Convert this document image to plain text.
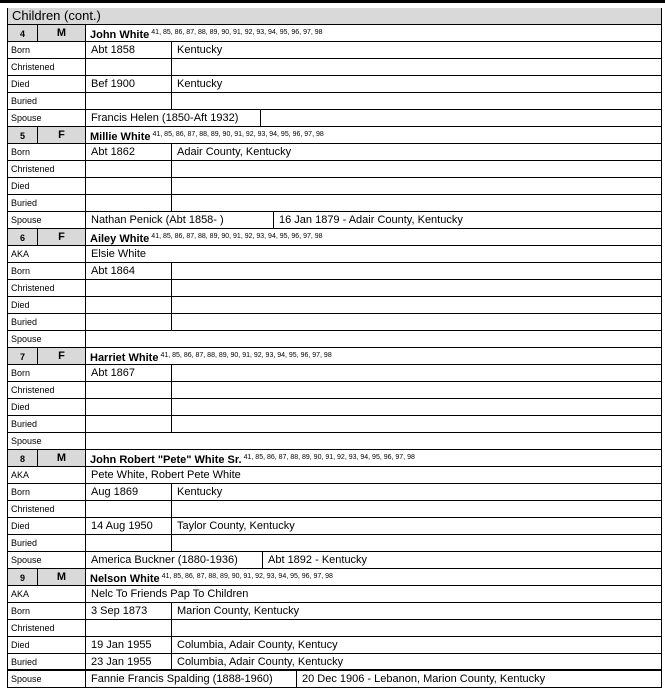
Children (cont.)
4	M	John White $^{41, 85, 86, 87, 88, 89, 90, 91, 92, 93, 94, 95, 96, 97, 98}$
Born	Abt 1858	Kentucky
Christened
Died	Bef 1900	Kentucky
Buried
Spouse	Francis Helen (1850-Aft 1932)
5	F	Millie White $^{41, 85, 86, 87, 88, 89, 90, 91, 92, 93, 94, 95, 96, 97, 98}$
Born	Abt 1862	Adair County, Kentucky
Christened
Died
Buried
Spouse	Nathan Penick (Abt 1858- )	16 Jan 1879 - Adair County, Kentucky
6	F	Ailey White $^{41, 85, 86, 87, 88, 89, 90, 91, 92, 93, 94, 95, 96, 97, 98}$
AKA	Elsie White
Born	Abt 1864
Christened
Died
Buried
Spouse
7	F	Harriet White $^{41, 85, 86, 87, 88, 89, 90, 91, 92, 93, 94, 95, 96, 97, 98}$
Born	Abt 1867
Christened
Died
Buried
Spouse
8	M	John Robert "Pete" White Sr. $^{41, 85, 86, 87, 88, 89, 90, 91, 92, 93, 94, 95, 96, 97, 98}$
AKA	Pete White, Robert Pete White
Born	Aug 1869	Kentucky
Christened
Died	14 Aug 1950 Taylor County, Kentucky
Buried
Spouse	America Buckner (1880-1936)	Abt 1892 - Kentucky
9	M	Nelson White $^{41, 85, 86, 87, 88, 89, 90, 91, 92, 93, 94, 95, 96, 97, 98}$
AKA	Nelc To Friends Pap To Children
Born	3 Sep 1873	Marion County, Kentucky
Christened
Died	19 Jan 1955 Columbia, Adair County, Kentucy
Buried	23 Jan 1955 Columbia, Adair County, Kentucky
Spouse	Fannie Francis Spalding (1888-1960)	20 Dec 1906 - Lebanon, Marion County, Kentucky
